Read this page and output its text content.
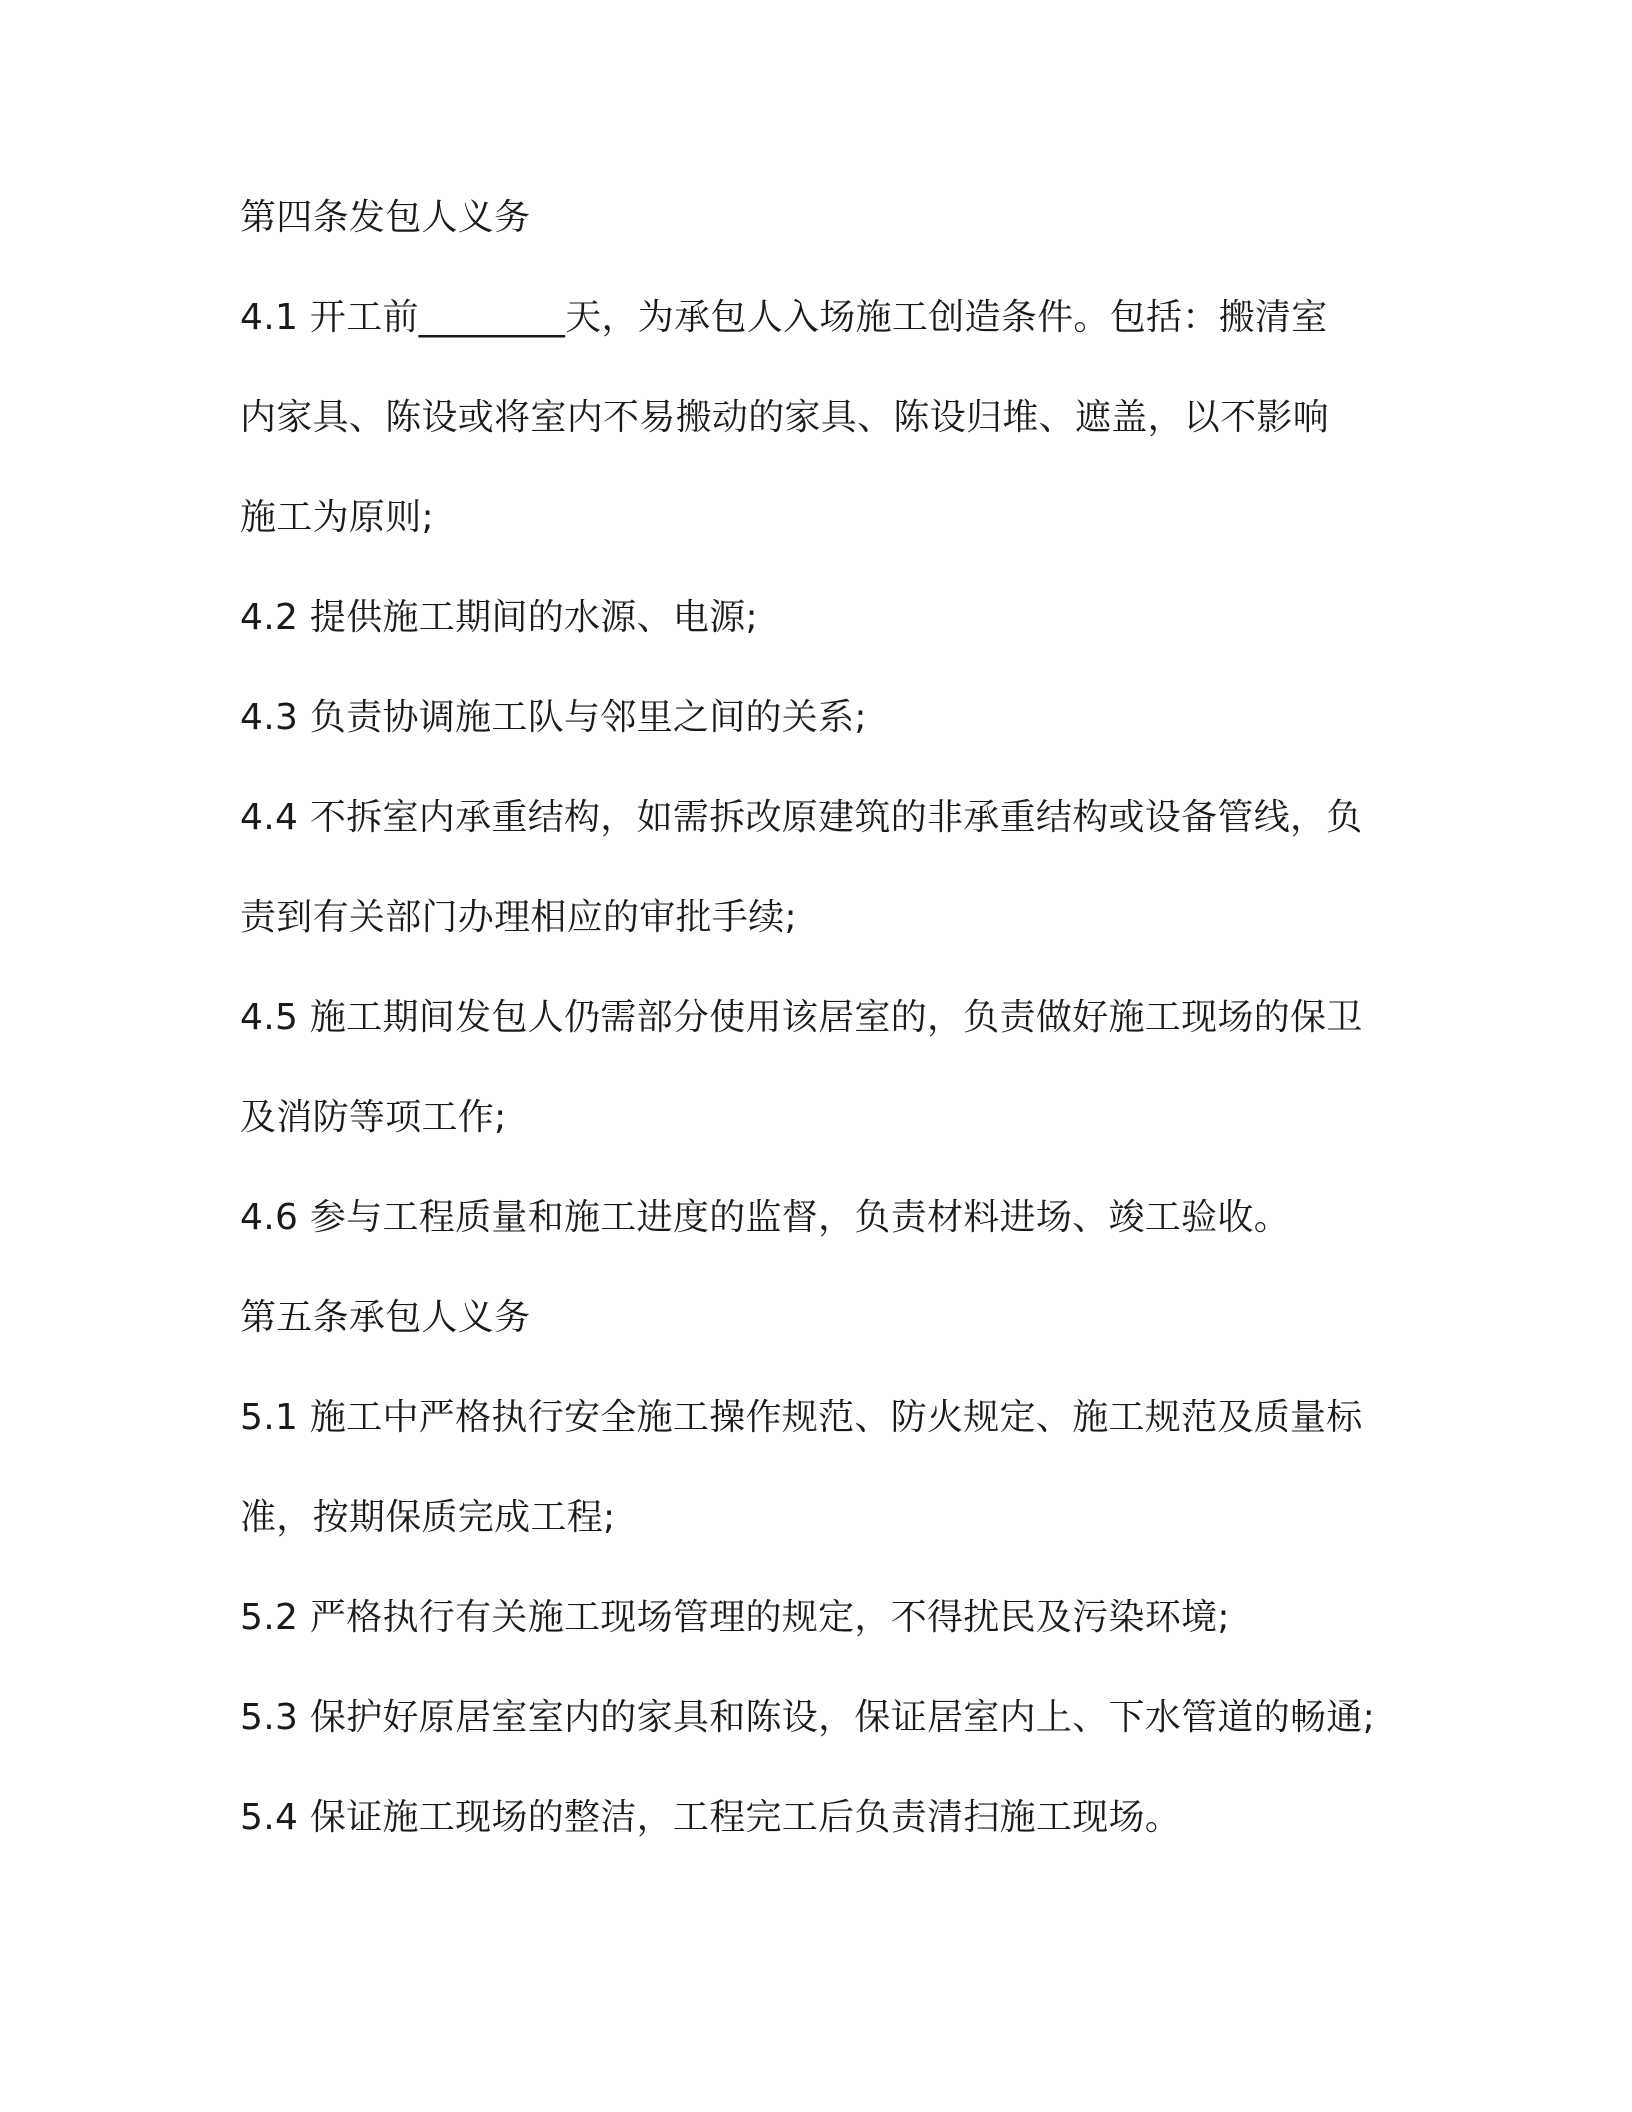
第四条发包人义务

4.1 开工前________天，为承包人入场施工创造条件。包括：搬清室

内家具、陈设或将室内不易搬动的家具、陈设归堆、遮盖，以不影响

施工为原则;

4.2 提供施工期间的水源、电源;

4.3 负责协调施工队与邻里之间的关系;

4.4 不拆室内承重结构，如需拆改原建筑的非承重结构或设备管线，负

责到有关部门办理相应的审批手续;

4.5 施工期间发包人仍需部分使用该居室的，负责做好施工现场的保卫

及消防等项工作;

4.6 参与工程质量和施工进度的监督，负责材料进场、竣工验收。

第五条承包人义务

5.1 施工中严格执行安全施工操作规范、防火规定、施工规范及质量标

准，按期保质完成工程;

5.2 严格执行有关施工现场管理的规定，不得扰民及污染环境;

5.3 保护好原居室室内的家具和陈设，保证居室内上、下水管道的畅通;

5.4 保证施工现场的整洁，工程完工后负责清扫施工现场。
